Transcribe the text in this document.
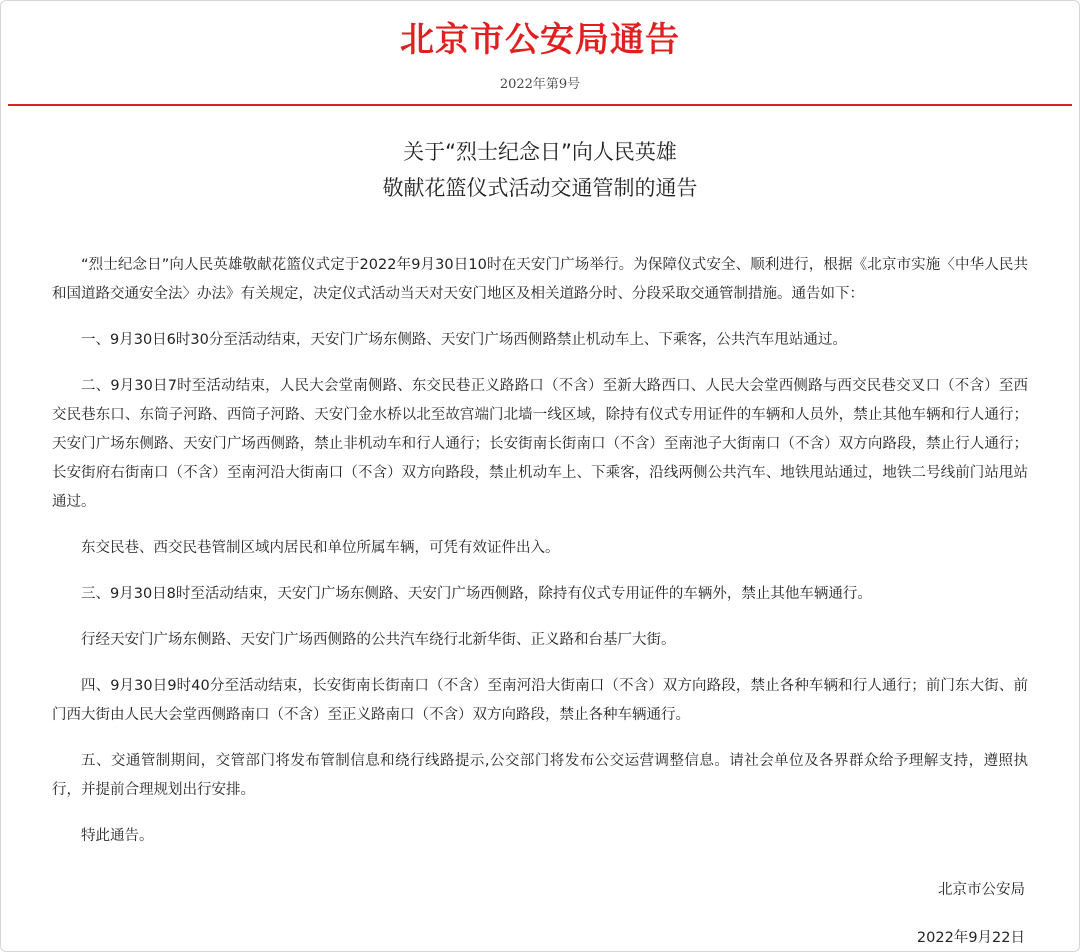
北京市公安局通告
2022年第9号
关于“烈士纪念日”向人民英雄
敬献花篮仪式活动交通管制的通告

“烈士纪念日”向人民英雄敬献花篮仪式定于2022年9月30日10时在天安门广场举行。为保障仪式安全、顺利进行，根据《北京市实施〈中华人民共和国道路交通安全法〉办法》有关规定，决定仪式活动当天对天安门地区及相关道路分时、分段采取交通管制措施。通告如下：

一、9月30日6时30分至活动结束，天安门广场东侧路、天安门广场西侧路禁止机动车上、下乘客，公共汽车甩站通过。

二、9月30日7时至活动结束，人民大会堂南侧路、东交民巷正义路路口（不含）至新大路西口、人民大会堂西侧路与西交民巷交叉口（不含）至西交民巷东口、东筒子河路、西筒子河路、天安门金水桥以北至故宫端门北墙一线区域，除持有仪式专用证件的车辆和人员外，禁止其他车辆和行人通行；天安门广场东侧路、天安门广场西侧路，禁止非机动车和行人通行；长安街南长街南口（不含）至南池子大街南口（不含）双方向路段，禁止行人通行；长安街府右街南口（不含）至南河沿大街南口（不含）双方向路段，禁止机动车上、下乘客，沿线两侧公共汽车、地铁甩站通过，地铁二号线前门站甩站通过。

东交民巷、西交民巷管制区域内居民和单位所属车辆，可凭有效证件出入。

三、9月30日8时至活动结束，天安门广场东侧路、天安门广场西侧路，除持有仪式专用证件的车辆外，禁止其他车辆通行。

行经天安门广场东侧路、天安门广场西侧路的公共汽车绕行北新华街、正义路和台基厂大街。

四、9月30日9时40分至活动结束，长安街南长街南口（不含）至南河沿大街南口（不含）双方向路段，禁止各种车辆和行人通行；前门东大街、前门西大街由人民大会堂西侧路南口（不含）至正义路南口（不含）双方向路段，禁止各种车辆通行。

五、交通管制期间，交管部门将发布管制信息和绕行线路提示,公交部门将发布公交运营调整信息。请社会单位及各界群众给予理解支持，遵照执行，并提前合理规划出行安排。

特此通告。

北京市公安局
2022年9月22日
